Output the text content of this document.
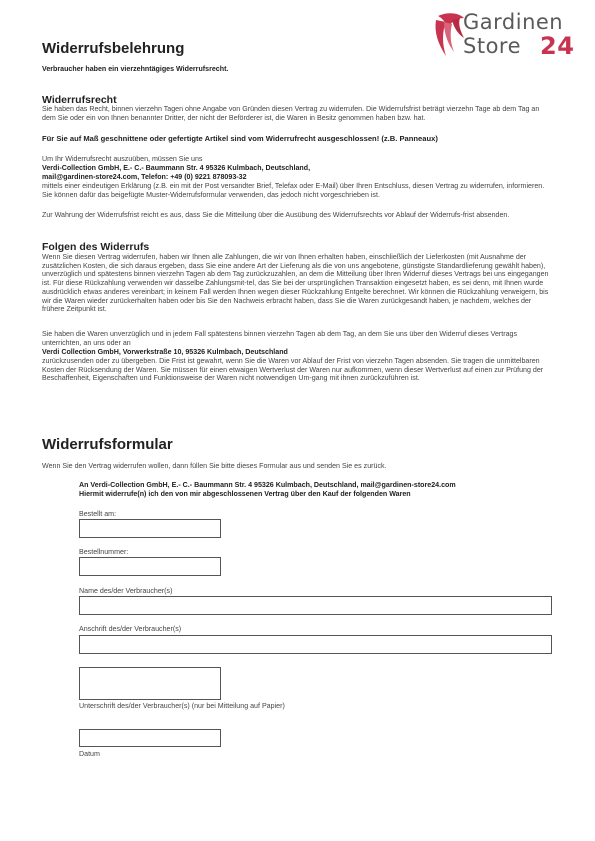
Gardinen
Store 24
Widerrufsbelehrung
Verbraucher haben ein vierzehntägiges Widerrufsrecht.
Widerrufsrecht
Sie haben das Recht, binnen vierzehn Tagen ohne Angabe von Gründen diesen Vertrag zu widerrufen. Die Widerrufsfrist beträgt vierzehn Tage ab dem Tag an dem Sie oder ein von Ihnen benannter Dritter, der nicht der Beförderer ist, die Waren in Besitz genommen haben bzw. hat.
Für Sie auf Maß geschnittene oder gefertigte Artikel sind vom Widerrufrecht ausgeschlossen! (z.B. Panneaux)
Um Ihr Widerrufsrecht auszuüben, müssen Sie uns
Verdi-Collection GmbH, E.- C.- Baummann Str. 4 95326 Kulmbach, Deutschland,
mail@gardinen-store24.com, Telefon: +49 (0) 9221 878093-32
mittels einer eindeutigen Erklärung (z.B. ein mit der Post versandter Brief, Telefax oder E-Mail) über Ihren Entschluss, diesen Vertrag zu widerrufen, informieren. Sie können dafür das beigefügte Muster-Widerrufsformular verwenden, das jedoch nicht vorgeschrieben ist.
Zur Wahrung der Widerrufsfrist reicht es aus, dass Sie die Mitteilung über die Ausübung des Widerrufsrechts vor Ablauf der Widerrufs-frist absenden.
Folgen des Widerrufs
Wenn Sie diesen Vertrag widerrufen, haben wir Ihnen alle Zahlungen, die wir von Ihnen erhalten haben, einschließlich der Lieferkosten (mit Ausnahme der zusätzlichen Kosten, die sich daraus ergeben, dass Sie eine andere Art der Lieferung als die von uns angebotene, günstigste Standardlieferung gewählt haben), unverzüglich und spätestens binnen vierzehn Tagen ab dem Tag zurückzuzahlen, an dem die Mitteilung über Ihren Widerruf dieses Vertrags bei uns eingegangen ist. Für diese Rückzahlung verwenden wir dasselbe Zahlungsmit-tel, das Sie bei der ursprünglichen Transaktion eingesetzt haben, es sei denn, mit Ihnen wurde ausdrücklich etwas anderes vereinbart; in keinem Fall werden Ihnen wegen dieser Rückzahlung Entgelte berechnet. Wir können die Rückzahlung verweigern, bis wir die Waren wieder zurückerhalten haben oder bis Sie den Nachweis erbracht haben, dass Sie die Waren zurückgesandt haben, je nachdem, welches der frühere Zeitpunkt ist.
Sie haben die Waren unverzüglich und in jedem Fall spätestens binnen vierzehn Tagen ab dem Tag, an dem Sie uns über den Widerruf dieses Vertrags unterrichten, an uns oder an
Verdi Collection GmbH, Vorwerkstraße 10, 95326 Kulmbach, Deutschland
zurückzusenden oder zu übergeben. Die Frist ist gewahrt, wenn Sie die Waren vor Ablauf der Frist von vierzehn Tagen absenden. Sie tragen die unmittelbaren Kosten der Rücksendung der Waren. Sie müssen für einen etwaigen Wertverlust der Waren nur aufkommen, wenn dieser Wertverlust auf einen zur Prüfung der Beschaffenheit, Eigenschaften und Funktionsweise der Waren nicht notwendigen Um-gang mit ihnen zurückzuführen ist.
Widerrufsformular
Wenn Sie den Vertrag widerrufen wollen, dann füllen Sie bitte dieses Formular aus und senden Sie es zurück.
An Verdi-Collection GmbH, E.- C.- Baummann Str. 4 95326 Kulmbach, Deutschland, mail@gardinen-store24.com
Hiermit widerrufe(n) ich den von mir abgeschlossenen Vertrag über den Kauf der folgenden Waren
Bestellt am:
Bestellnummer:
Name des/der Verbraucher(s)
Anschrift des/der Verbraucher(s)
Unterschrift des/der Verbraucher(s) (nur bei Mitteilung auf Papier)
Datum
